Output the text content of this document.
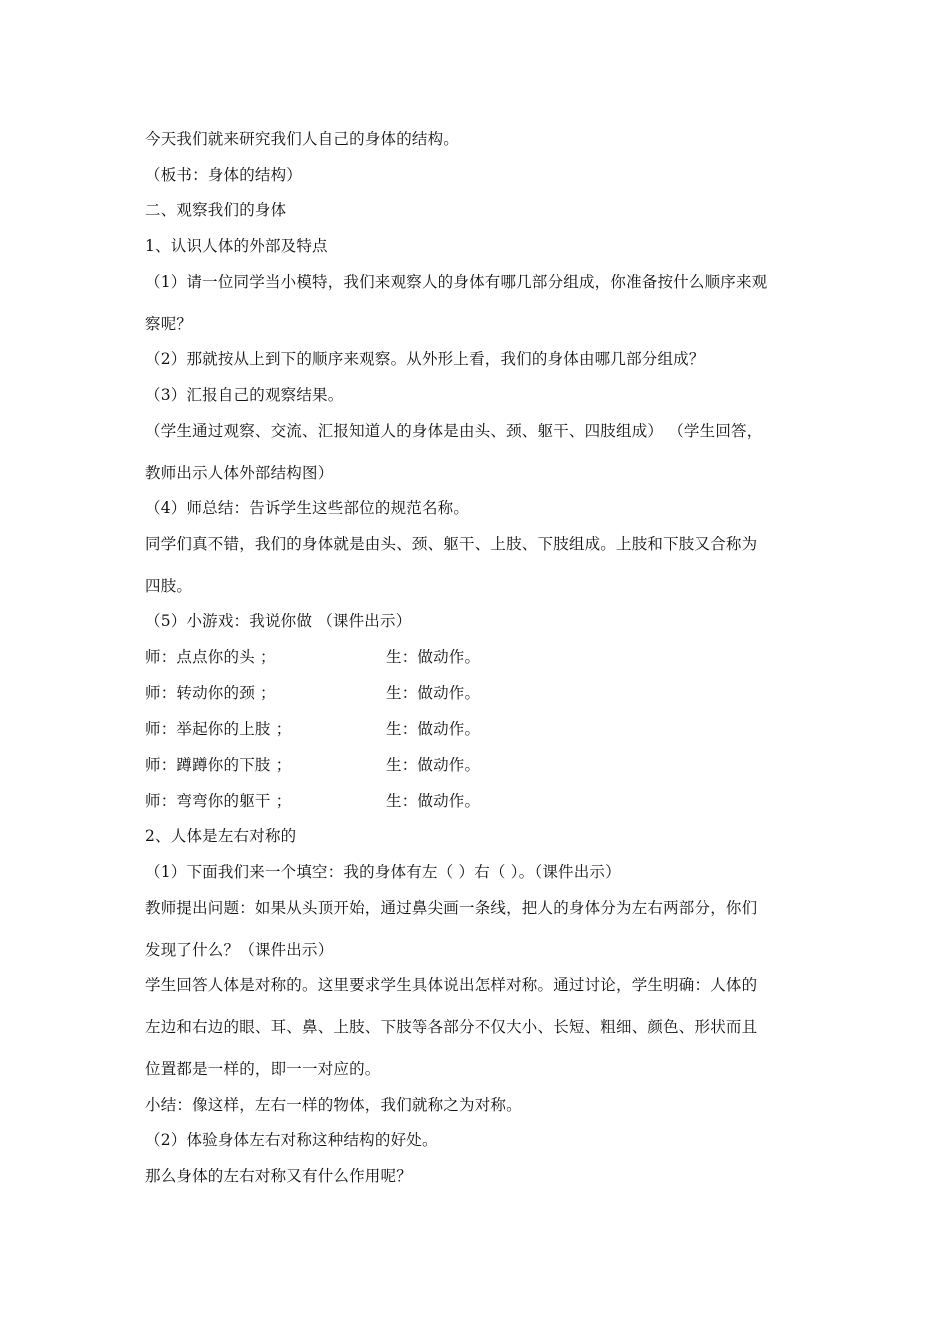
今天我们就来研究我们人自己的身体的结构。
（板书：身体的结构）
二、观察我们的身体
1、认识人体的外部及特点
（1）请一位同学当小模特，我们来观察人的身体有哪几部分组成，你准备按什么顺序来观
察呢？
（2）那就按从上到下的顺序来观察。从外形上看，我们的身体由哪几部分组成？
（3）汇报自己的观察结果。
（学生通过观察、交流、汇报知道人的身体是由头、颈、躯干、四肢组成） （学生回答，
教师出示人体外部结构图）
（4）师总结：告诉学生这些部位的规范名称。
同学们真不错，我们的身体就是由头、颈、躯干、上肢、下肢组成。上肢和下肢又合称为
四肢。
（5）小游戏：我说你做 （课件出示）
师：点点你的头 ；	生：做动作。
师：转动你的颈 ；	生：做动作。
师：举起你的上肢 ；	生：做动作。
师：蹲蹲你的下肢 ；	生：做动作。
师：弯弯你的躯干 ；	生：做动作。
2、人体是左右对称的
（1）下面我们来一个填空：我的身体有左（ ）右（ ）。（课件出示）
教师提出问题：如果从头顶开始，通过鼻尖画一条线，把人的身体分为左右两部分，你们
发现了什么？（课件出示）
学生回答人体是对称的。这里要求学生具体说出怎样对称。通过讨论，学生明确：人体的
左边和右边的眼、耳、鼻、上肢、下肢等各部分不仅大小、长短、粗细、颜色、形状而且
位置都是一样的，即一一对应的。
小结：像这样，左右一样的物体，我们就称之为对称。
（2）体验身体左右对称这种结构的好处。
那么身体的左右对称又有什么作用呢？
